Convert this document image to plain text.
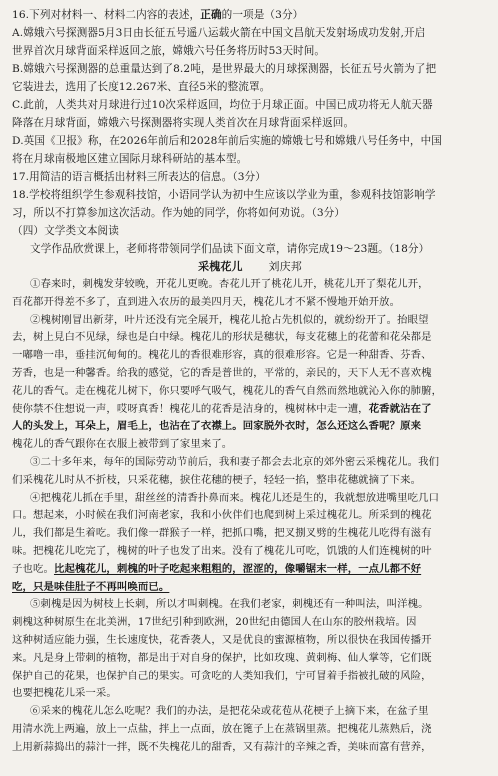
16.下列对材料一、材料二内容的表述，正确的一项是（3分）
A.嫦娥六号探测器5月3日由长征五号遥八运载火箭在中国文昌航天发射场成功发射,开启
世界首次月球背面采样返回之旅，嫦娥六号任务将历时53天时间。
B.嫦娥六号探测器的总重量达到了8.2吨，是世界最大的月球探测器，长征五号火箭为了把
它装进去，选用了长度12.267米、直径5米的整流罩。
C.此前，人类共对月球进行过10次采样返回，均位于月球正面。中国已成功将无人航天器
降落在月球背面，嫦娥六号探测器将实现人类首次在月球背面采样返回。
D.英国《卫报》称，在2026年前后和2028年前后实施的嫦娥七号和嫦娥八号任务中，中国
将在月球南极地区建立国际月球科研站的基本型。
17.用简洁的语言概括出材料三所表达的信息。（3分）
18.学校将组织学生参观科技馆，小语同学认为初中生应该以学业为重，参观科技馆影响学
习，所以不打算参加这次活动。作为她的同学，你将如何劝说。（3分）
（四）文学类文本阅读
文学作品欣赏课上，老师将带领同学们品读下面文章，请你完成19～23题。（18分）
采槐花儿 刘庆邦
①春来时，刺槐发芽较晚，开花儿更晚。杏花儿开了桃花儿开，桃花儿开了梨花儿开，
百花都开得差不多了，直到进入农历的最美四月天，槐花儿才不紧不慢地开始开放。
②槐树刚冒出新芽，叶片还没有完全展开，槐花儿抢占先机似的，就纷纷开了。抬眼望
去，树上見白不见绿，绿也是白中绿。槐花儿的形状是穗状，每支花穗上的花蕾和花朵都是
一嘟噜一串，垂挂沉甸甸的。槐花儿的香很难形容，真的很难形容。它是一种甜香、芬香、
芳香，也是一种馨香。给我的感觉，它的香是普世的，平常的，亲民的，天下人无不喜欢槐
花儿的香气。走在槐花儿树下，你只要呼气吸气，槐花儿的香气自然而然地就沁入你的肺腑，
使你禁不住想说一声，哎呀真香！槐花儿的花香是洁身的，槐树林中走一遭，花香就沾在了
人的头发上，耳朵上，眉毛上，也沾在了衣襟上。回家脱外衣时，怎么还这么香呢？原来
槐花儿的香气跟你在衣服上被带到了家里来了。
③二十多年来，每年的国际劳动节前后，我和妻子都会去北京的郊外密云采槐花儿。我们
们采槐花儿时从不折枝，只采花穗，捩住花穗的梗子，轻轻一掐，整串花穗就摘了下来。
④把槐花儿抓在手里，甜丝丝的清香扑鼻而来。槐花儿还是生的，我就想放进嘴里吃几口
口。想起来，小时候在我们河南老家，我和小伙伴们也爬到树上采过槐花儿。所采到的槐花
儿，我们都是生着吃。我们像一群猴子一样，把抓口嘴，把叉捌叉劈的生槐花儿吃得有滋有
味。把槐花儿吃完了，槐树的叶子也发了出来。没有了槐花儿可吃，饥饿的人们连槐树的叶
子也吃。比起槐花儿，刺槐的叶子吃起来粗粗的，涩涩的，像嚼锯末一样，一点儿都不好
吃，只是味佳肚子不再叫唤而已。
⑤刺槐是因为树枝上长刺，所以才叫刺槐。在我们老家，刺槐还有一种叫法，叫洋槐。
刺槐这种树原生在北美洲，17世纪引种到欧洲，20世纪由德国人在山东的胶州栽培。因
这种树适应能力强，生长速度快，花香袭人，又是优良的蜜源植物，所以很快在我国传播开
来。凡是身上带刺的植物，都是出于对自身的保护，比如玫瑰、黄刺梅、仙人掌等，它们既
保护自己的花果，也保护自己的果实。可贪吃的人类知我们，宁可冒着手指被扎破的风险，
也要把槐花儿采一采。
⑥采来的槐花儿怎么吃呢？我们的办法，是把花朵或花苞从花梗子上摘下来，在盆子里
用清水洗上两遍，放上一点盐，拌上一点面，放在篦子上在蒸锅里蒸。把槐花儿蒸熟后，浇
上用新蒜捣出的蒜汁一拌，既不失槐花儿的甜香，又有蒜汁的辛辣之香，美味而富有营养，
